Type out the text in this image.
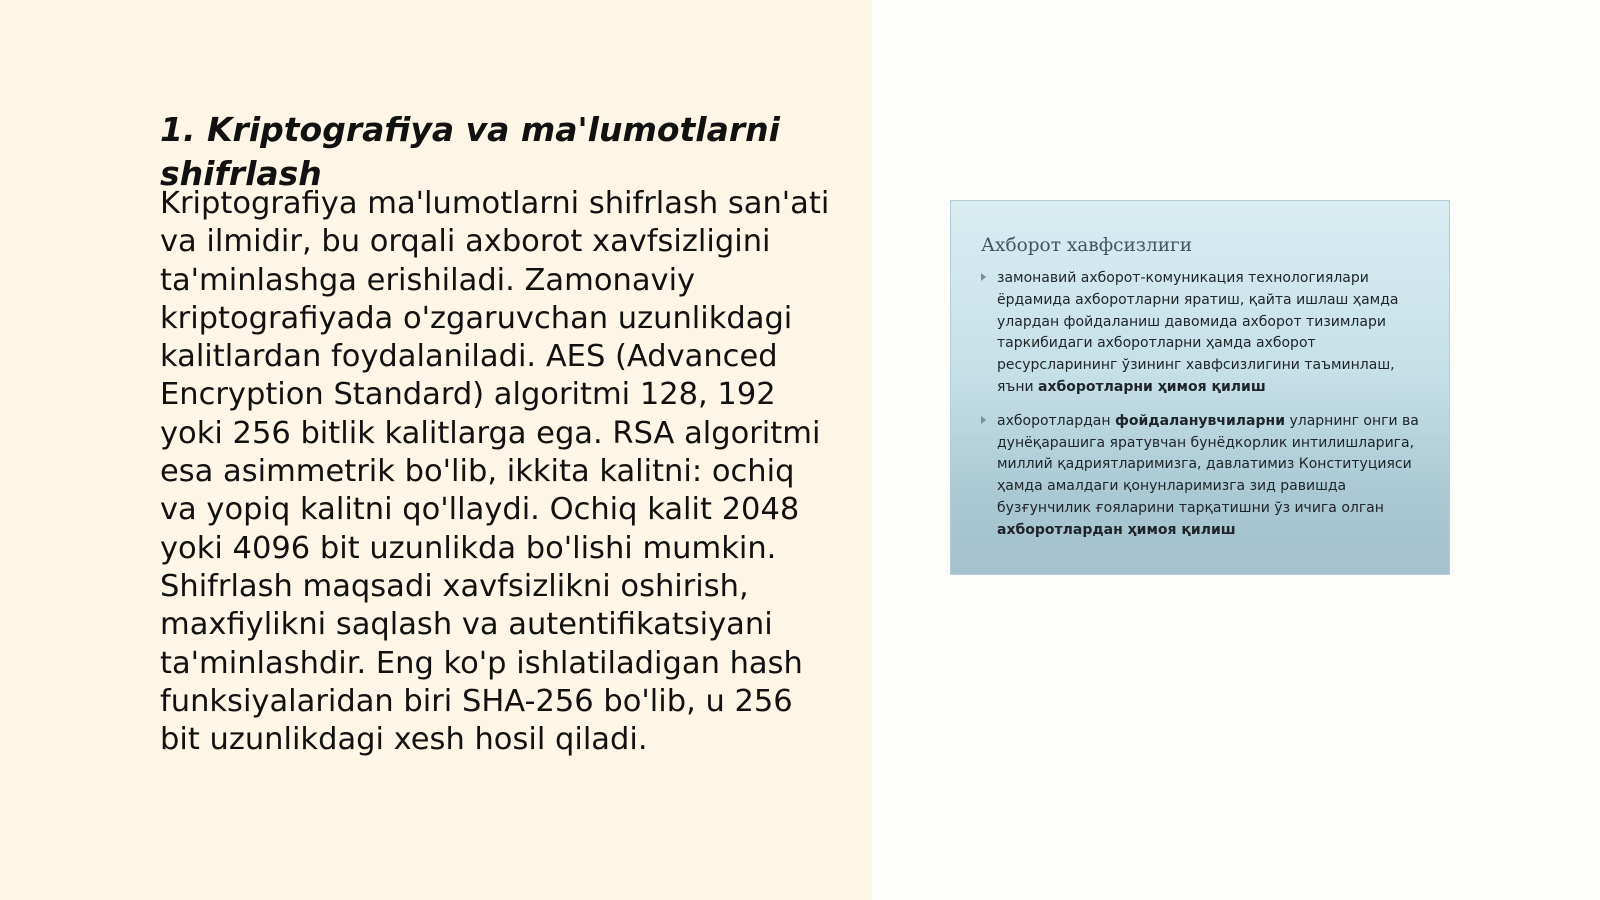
1. Kriptografiya va ma'lumotlarni shifrlash

Kriptografiya ma'lumotlarni shifrlash san'ati va ilmidir, bu orqali axborot xavfsizligini ta'minlashga erishiladi. Zamonaviy kriptografiyada o'zgaruvchan uzunlikdagi kalitlardan foydalaniladi. AES (Advanced Encryption Standard) algoritmi 128, 192 yoki 256 bitlik kalitlarga ega. RSA algoritmi esa asimmetrik bo'lib, ikkita kalitni: ochiq va yopiq kalitni qo'llaydi. Ochiq kalit 2048 yoki 4096 bit uzunlikda bo'lishi mumkin. Shifrlash maqsadi xavfsizlikni oshirish, maxfiylikni saqlash va autentifikatsiyani ta'minlashdir. Eng ko'p ishlatiladigan hash funksiyalaridan biri SHA-256 bo'lib, u 256 bit uzunlikdagi xesh hosil qiladi.

Ахборот хавфсизлиги
замонавий ахборот-комуникация технологиялари ёрдамида ахборотларни яратиш, қайта ишлаш ҳамда улардан фойдаланиш давомида ахборот тизимлари таркибидаги ахборотларни ҳамда ахборот ресурсларининг ўзининг хавфсизлигини таъминлаш, яъни ахборотларни ҳимоя қилиш
ахборотлардан фойдаланувчиларни уларнинг онги ва дунёқарашига яратувчан бунёдкорлик интилишларига, миллий қадриятларимизга, давлатимиз Конституцияси ҳамда амалдаги қонунларимизга зид равишда бузғунчилик ғояларини тарқатишни ўз ичига олган ахборотлардан ҳимоя қилиш
